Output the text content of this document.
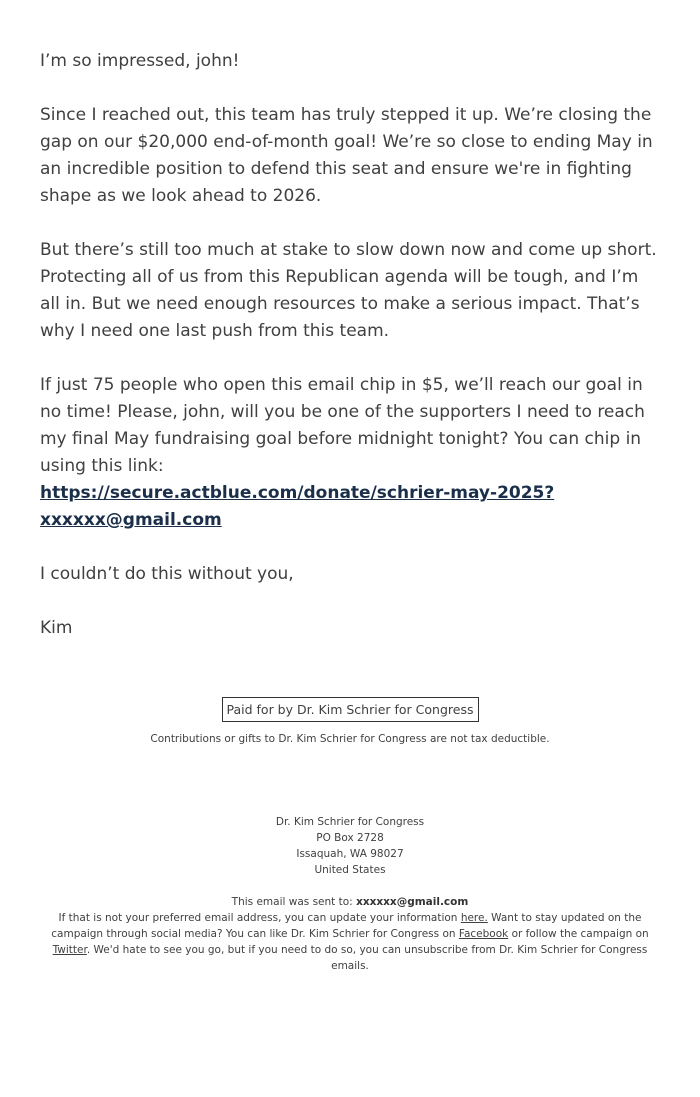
I’m so impressed, john!

Since I reached out, this team has truly stepped it up. We’re closing the gap on our $20,000 end-of-month goal! We’re so close to ending May in an incredible position to defend this seat and ensure we're in fighting shape as we look ahead to 2026.

But there’s still too much at stake to slow down now and come up short. Protecting all of us from this Republican agenda will be tough, and I’m all in. But we need enough resources to make a serious impact. That’s why I need one last push from this team.

If just 75 people who open this email chip in $5, we’ll reach our goal in no time! Please, john, will you be one of the supporters I need to reach my final May fundraising goal before midnight tonight? You can chip in using this link:
https://secure.actblue.com/donate/schrier-may-2025?
xxxxxx@gmail.com

I couldn’t do this without you,

Kim

Paid for by Dr. Kim Schrier for Congress
Contributions or gifts to Dr. Kim Schrier for Congress are not tax deductible.
Dr. Kim Schrier for Congress
PO Box 2728
Issaquah, WA 98027
United States
This email was sent to: xxxxxx@gmail.com
If that is not your preferred email address, you can update your information here. Want to stay updated on the campaign through social media? You can like Dr. Kim Schrier for Congress on Facebook or follow the campaign on Twitter. We'd hate to see you go, but if you need to do so, you can unsubscribe from Dr. Kim Schrier for Congress emails.
